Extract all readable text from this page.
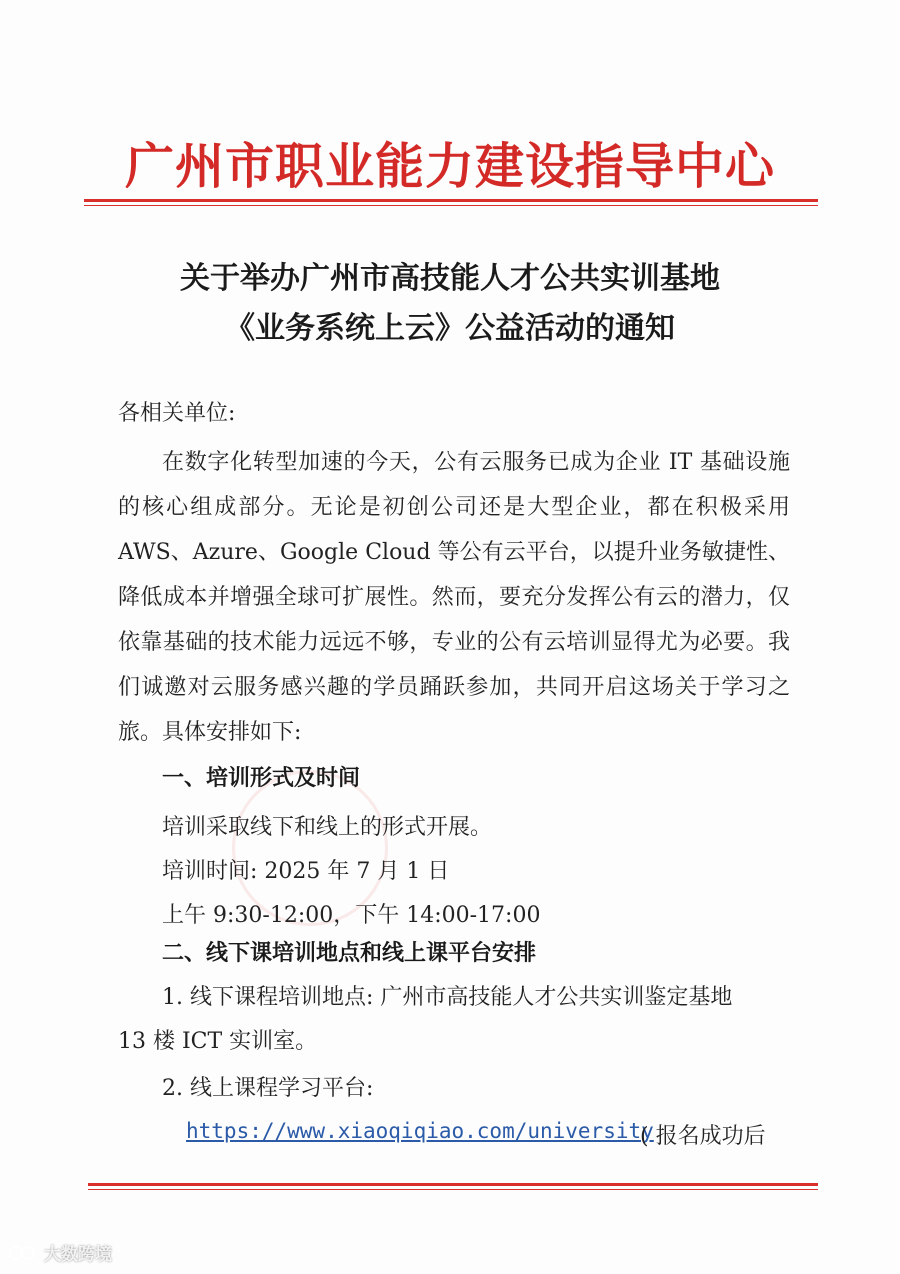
广州市职业能力建设指导中心
关于举办广州市高技能人才公共实训基地
《业务系统上云》公益活动的通知

各相关单位:

在数字化转型加速的今天，公有云服务已成为企业 IT 基础设施的核心组成部分。无论是初创公司还是大型企业，都在积极采用 AWS、Azure、Google Cloud 等公有云平台，以提升业务敏捷性、降低成本并增强全球可扩展性。然而，要充分发挥公有云的潜力，仅依靠基础的技术能力远远不够，专业的公有云培训显得尤为必要。我们诚邀对云服务感兴趣的学员踊跃参加，共同开启这场关于学习之旅。具体安排如下:

一、培训形式及时间

培训采取线下和线上的形式开展。

培训时间: 2025 年 7 月 1 日

上午 9:30-12:00，下午 14:00-17:00

二、线下课培训地点和线上课平台安排

1. 线下课程培训地点: 广州市高技能人才公共实训鉴定基地

13 楼 ICT 实训室。

2. 线上课程学习平台:

https://www.xiaoqiqiao.com/university
( 报名成功后
大数跨境
